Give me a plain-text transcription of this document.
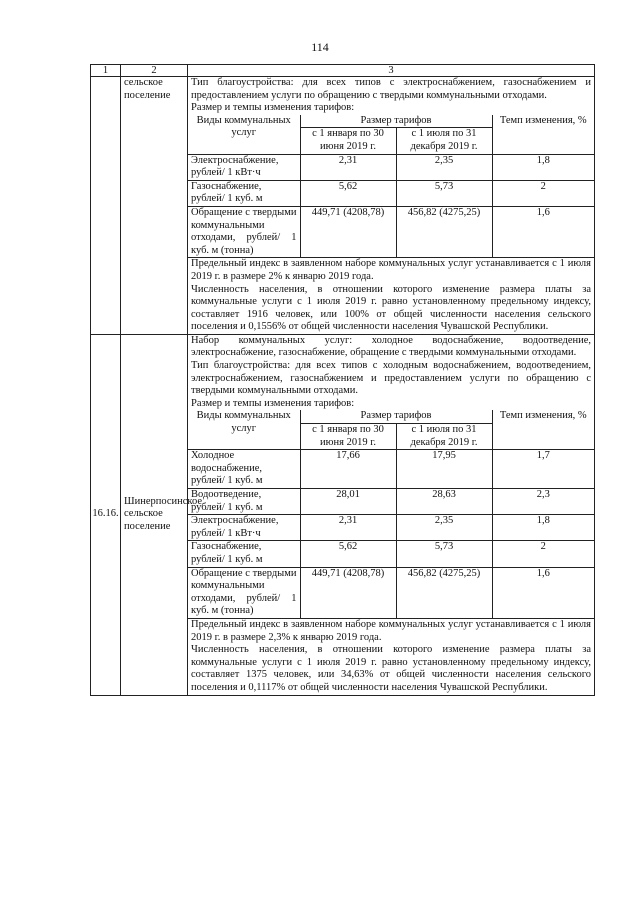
114
1	2	3
	сельское поселение	

Тип благоустройства: для всех типов с электроснабжением, газоснабжением и предоставлением услуги по обращению с твердыми коммунальными отходами.

Размер и темпы изменения тарифов:

Виды коммунальных услуг	Размер тарифов	Темп изменения, %
с 1 января по 30 июня 2019 г.	с 1 июля по 31 декабря 2019 г.
Электроснабжение, рублей/ 1 кВт·ч	2,31	2,35	1,8
Газоснабжение, рублей/ 1 куб. м	5,62	5,73	2
Обращение с твердыми коммунальными отходами, рублей/ 1 куб. м (тонна)	449,71 (4208,78)	456,82 (4275,25)	1,6

Предельный индекс в заявленном наборе коммунальных услуг устанавливается с 1 июля 2019 г. в размере 2% к январю 2019 года.

Численность населения, в отношении которого изменение размера платы за коммунальные услуги с 1 июля 2019 г. равно установленному предельному индексу, составляет 1916 человек, или 100% от общей численности населения сельского поселения и 0,1556% от общей численности населения Чувашской Республики.

16.16.	Шинерпосинское сельское поселение	

Набор коммунальных услуг: холодное водоснабжение, водоотведение, электроснабжение, газоснабжение, обращение с твердыми коммунальными отходами.

Тип благоустройства: для всех типов с холодным водоснабжением, водоотведением, электроснабжением, газоснабжением и предоставлением услуги по обращению с твердыми коммунальными отходами.

Размер и темпы изменения тарифов:

Виды коммунальных услуг	Размер тарифов	Темп изменения, %
с 1 января по 30 июня 2019 г.	с 1 июля по 31 декабря 2019 г.
Холодное водоснабжение, рублей/ 1 куб. м	17,66	17,95	1,7
Водоотведение, рублей/ 1 куб. м	28,01	28,63	2,3
Электроснабжение, рублей/ 1 кВт·ч	2,31	2,35	1,8
Газоснабжение, рублей/ 1 куб. м	5,62	5,73	2
Обращение с твердыми коммунальными отходами, рублей/ 1 куб. м (тонна)	449,71 (4208,78)	456,82 (4275,25)	1,6

Предельный индекс в заявленном наборе коммунальных услуг устанавливается с 1 июля 2019 г. в размере 2,3% к январю 2019 года.

Численность населения, в отношении которого изменение размера платы за коммунальные услуги с 1 июля 2019 г. равно установленному предельному индексу, составляет 1375 человек, или 34,63% от общей численности населения сельского поселения и 0,1117% от общей численности населения Чувашской Республики.
